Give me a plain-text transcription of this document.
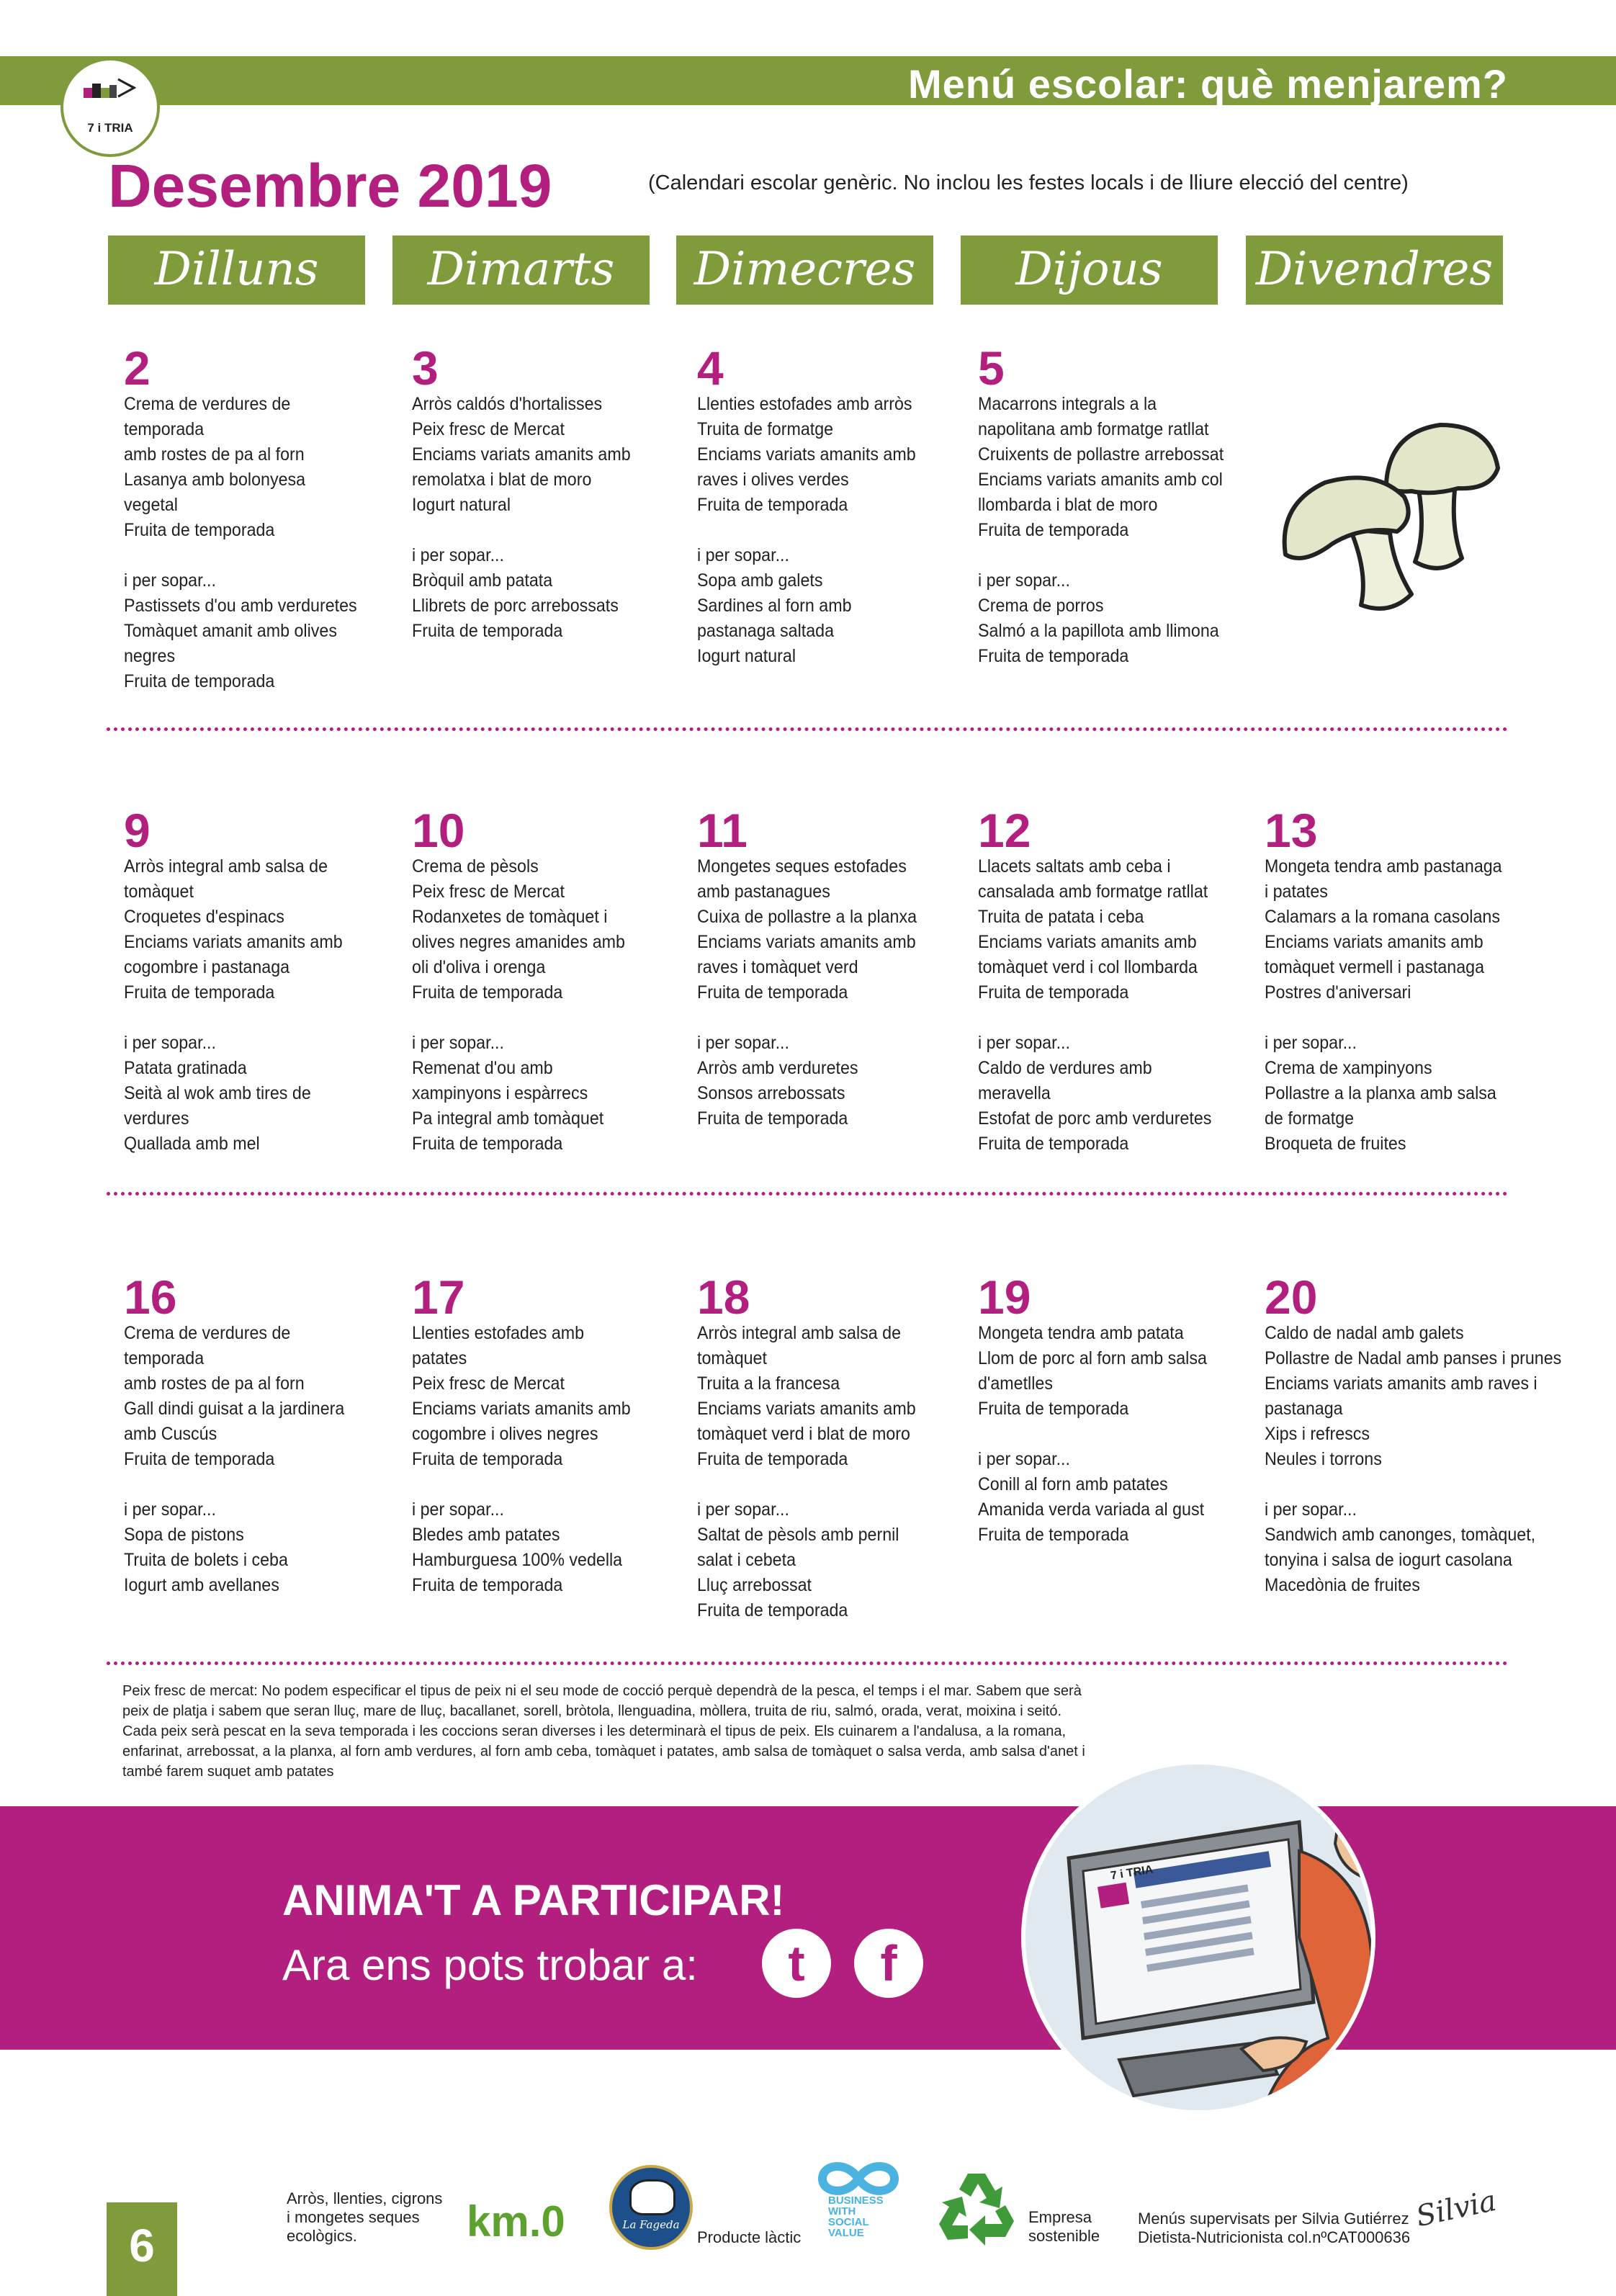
Menú escolar: què menjarem?
7 i TRIA
Desembre 2019	(Calendari escolar genèric. No inclou les festes locals i de lliure elecció del centre)
Dilluns	Dimarts	Dimecres	Dijous	Divendres
2
Crema de verdures de
temporada
amb rostes de pa al forn
Lasanya amb bolonyesa
vegetal
Fruita de temporada
i per sopar...
Pastissets d'ou amb verduretes
Tomàquet amanit amb olives
negres
Fruita de temporada
3
Arròs caldós d'hortalisses
Peix fresc de Mercat
Enciams variats amanits amb
remolatxa i blat de moro
Iogurt natural
i per sopar...
Bròquil amb patata
Llibrets de porc arrebossats
Fruita de temporada
4
Llenties estofades amb arròs
Truita de formatge
Enciams variats amanits amb
raves i olives verdes
Fruita de temporada
i per sopar...
Sopa amb galets
Sardines al forn amb
pastanaga saltada
Iogurt natural
5
Macarrons integrals a la
napolitana amb formatge ratllat
Cruixents de pollastre arrebossat
Enciams variats amanits amb col
llombarda i blat de moro
Fruita de temporada
i per sopar...
Crema de porros
Salmó a la papillota amb llimona
Fruita de temporada
9
Arròs integral amb salsa de
tomàquet
Croquetes d'espinacs
Enciams variats amanits amb
cogombre i pastanaga
Fruita de temporada
i per sopar...
Patata gratinada
Seità al wok amb tires de
verdures
Quallada amb mel
10
Crema de pèsols
Peix fresc de Mercat
Rodanxetes de tomàquet i
olives negres amanides amb
oli d'oliva i orenga
Fruita de temporada
i per sopar...
Remenat d'ou amb
xampinyons i espàrrecs
Pa integral amb tomàquet
Fruita de temporada
11
Mongetes seques estofades
amb pastanagues
Cuixa de pollastre a la planxa
Enciams variats amanits amb
raves i tomàquet verd
Fruita de temporada
i per sopar...
Arròs amb verduretes
Sonsos arrebossats
Fruita de temporada
12
Llacets saltats amb ceba i
cansalada amb formatge ratllat
Truita de patata i ceba
Enciams variats amanits amb
tomàquet verd i col llombarda
Fruita de temporada
i per sopar...
Caldo de verdures amb
meravella
Estofat de porc amb verduretes
Fruita de temporada
13
Mongeta tendra amb pastanaga
i patates
Calamars a la romana casolans
Enciams variats amanits amb
tomàquet vermell i pastanaga
Postres d'aniversari
i per sopar...
Crema de xampinyons
Pollastre a la planxa amb salsa
de formatge
Broqueta de fruites
16
Crema de verdures de
temporada
amb rostes de pa al forn
Gall dindi guisat a la jardinera
amb Cuscús
Fruita de temporada
i per sopar...
Sopa de pistons
Truita de bolets i ceba
Iogurt amb avellanes
17
Llenties estofades amb
patates
Peix fresc de Mercat
Enciams variats amanits amb
cogombre i olives negres
Fruita de temporada
i per sopar...
Bledes amb patates
Hamburguesa 100% vedella
Fruita de temporada
18
Arròs integral amb salsa de
tomàquet
Truita a la francesa
Enciams variats amanits amb
tomàquet verd i blat de moro
Fruita de temporada
i per sopar...
Saltat de pèsols amb pernil
salat i cebeta
Lluç arrebossat
Fruita de temporada
19
Mongeta tendra amb patata
Llom de porc al forn amb salsa
d'ametlles
Fruita de temporada
i per sopar...
Conill al forn amb patates
Amanida verda variada al gust
Fruita de temporada
20
Caldo de nadal amb galets
Pollastre de Nadal amb panses i prunes
Enciams variats amanits amb raves i
pastanaga
Xips i refrescs
Neules i torrons
i per sopar...
Sandwich amb canonges, tomàquet,
tonyina i salsa de iogurt casolana
Macedònia de fruites
Peix fresc de mercat: No podem especificar el tipus de peix ni el seu mode de cocció perquè dependrà de la pesca, el temps i el mar. Sabem que serà peix de platja i sabem que seran lluç, mare de lluç, bacallanet, sorell, bròtola, llenguadina, mòllera, truita de riu, salmó, orada, verat, moixina i seitó. Cada peix serà pescat en la seva temporada i les coccions seran diverses i les determinarà el tipus de peix. Els cuinarem a l'andalusa, a la romana, enfarinat, arrebossat, a la planxa, al forn amb verdures, al forn amb ceba, tomàquet i patates, amb salsa de tomàquet o salsa verda, amb salsa d'anet i també farem suquet amb patates
ANIMA'T A PARTICIPAR!
Ara ens pots trobar a:	t	f
7 i TRIA
6
Arròs, llenties, cigrons
i mongetes seques
ecològics.	km.0	La Fageda
Producte làctic
BUSINESS
WITH
SOCIAL
VALUE
Empresa
sostenible
Menús supervisats per Silvia Gutiérrez
Dietista-Nutricionista col.nºCAT000636
Silvia
